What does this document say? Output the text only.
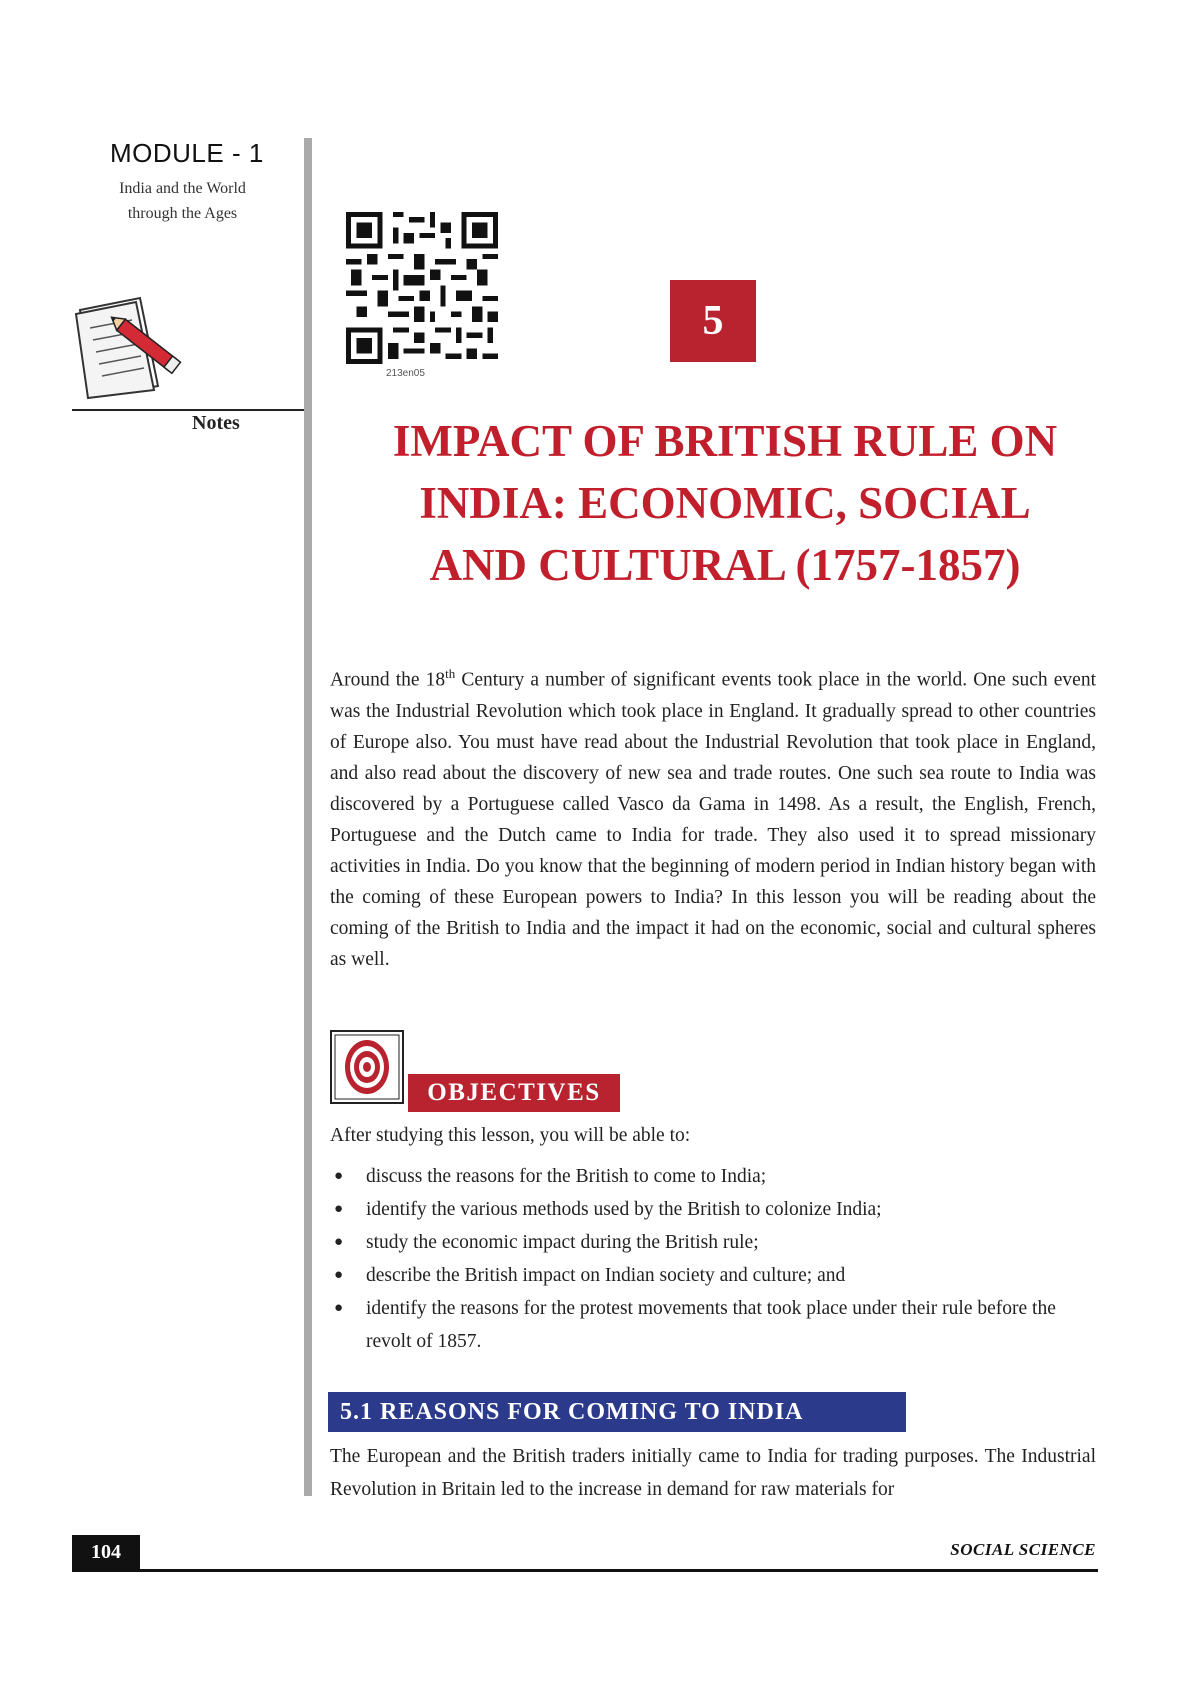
MODULE - 1
India and the World
through the Ages
Notes
213en05
5
IMPACT OF BRITISH RULE ON
INDIA: ECONOMIC, SOCIAL
AND CULTURAL (1757-1857)
Around the 18th Century a number of significant events took place in the world. One such event was the Industrial Revolution which took place in England. It gradually spread to other countries of Europe also. You must have read about the Industrial Revolution that took place in England, and also read about the discovery of new sea and trade routes. One such sea route to India was discovered by a Portuguese called Vasco da Gama in 1498. As a result, the English, French, Portuguese and the Dutch came to India for trade. They also used it to spread missionary activities in India. Do you know that the beginning of modern period in Indian history began with the coming of these European powers to India? In this lesson you will be reading about the coming of the British to India and the impact it had on the economic, social and cultural spheres as well.
OBJECTIVES
After studying this lesson, you will be able to:
● discuss the reasons for the British to come to India;
● identify the various methods used by the British to colonize India;
● study the economic impact during the British rule;
● describe the British impact on Indian society and culture; and
● identify the reasons for the protest movements that took place under their rule before the revolt of 1857.
5.1 REASONS FOR COMING TO INDIA
The European and the British traders initially came to India for trading purposes. The Industrial Revolution in Britain led to the increase in demand for raw materials for
104	SOCIAL SCIENCE
